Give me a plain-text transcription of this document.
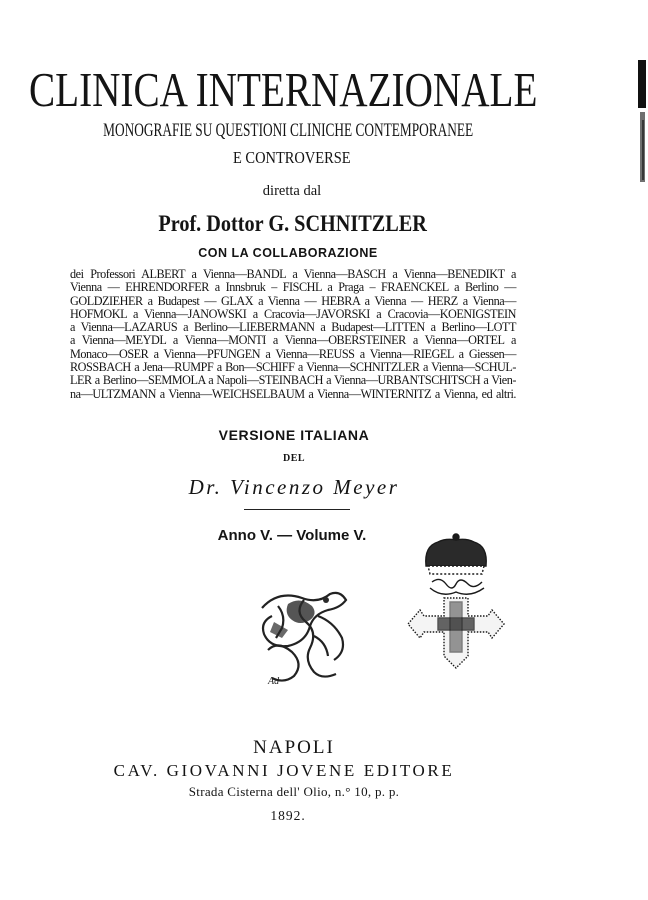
CLINICA INTERNAZIONALE
MONOGRAFIE SU QUESTIONI CLINICHE CONTEMPORANEE
E CONTROVERSE
diretta dal
Prof. Dottor G. SCHNITZLER
CON LA COLLABORAZIONE
dei Professori ALBERT a Vienna—BANDL a Vienna—BASCH a Vienna—BENEDIKT a
Vienna — EHRENDORFER a Innsbruk – FISCHL a Praga – FRAENCKEL a Berlino —
GOLDZIEHER a Budapest — GLAX a Vienna — HEBRA a Vienna — HERZ a Vienna—
HOFMOKL a Vienna—JANOWSKI a Cracovia—JAVORSKI a Cracovia—KOENIGSTEIN
a Vienna—LAZARUS a Berlino—LIEBERMANN a Budapest—LITTEN a Berlino—LOTT
a Vienna—MEYDL a Vienna—MONTI a Vienna—OBERSTEINER a Vienna—ORTEL a
Monaco—OSER a Vienna—PFUNGEN a Vienna—REUSS a Vienna—RIEGEL a Giessen—
ROSSBACH a Jena—RUMPF a Bon—SCHIFF a Vienna—SCHNITZLER a Vienna—SCHUL-
LER a Berlino—SEMMOLA a Napoli—STEINBACH a Vienna—URBANTSCHITSCH a Vien-
na—ULTZMANN a Vienna—WEICHSELBAUM a Vienna—WINTERNITZ a Vienna, ed altri.
VERSIONE ITALIANA
DEL
Dr. Vincenzo Meyer
Anno V. — Volume V.
Ad
NAPOLI
CAV. GIOVANNI JOVENE EDITORE
Strada Cisterna dell' Olio, n.° 10, p. p.
1892.
